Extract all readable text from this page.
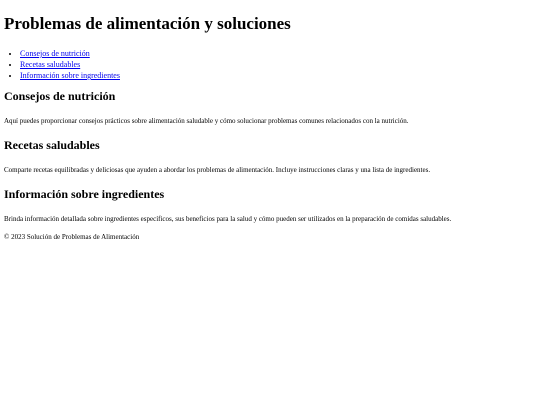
Problemas de alimentación y soluciones
• Consejos de nutrición
• Recetas saludables
• Información sobre ingredientes
Consejos de nutrición

Aquí puedes proporcionar consejos prácticos sobre alimentación saludable y cómo solucionar problemas comunes relacionados con la nutrición.

Recetas saludables

Comparte recetas equilibradas y deliciosas que ayuden a abordar los problemas de alimentación. Incluye instrucciones claras y una lista de ingredientes.

Información sobre ingredientes

Brinda información detallada sobre ingredientes específicos, sus beneficios para la salud y cómo pueden ser utilizados en la preparación de comidas saludables.

© 2023 Solución de Problemas de Alimentación
